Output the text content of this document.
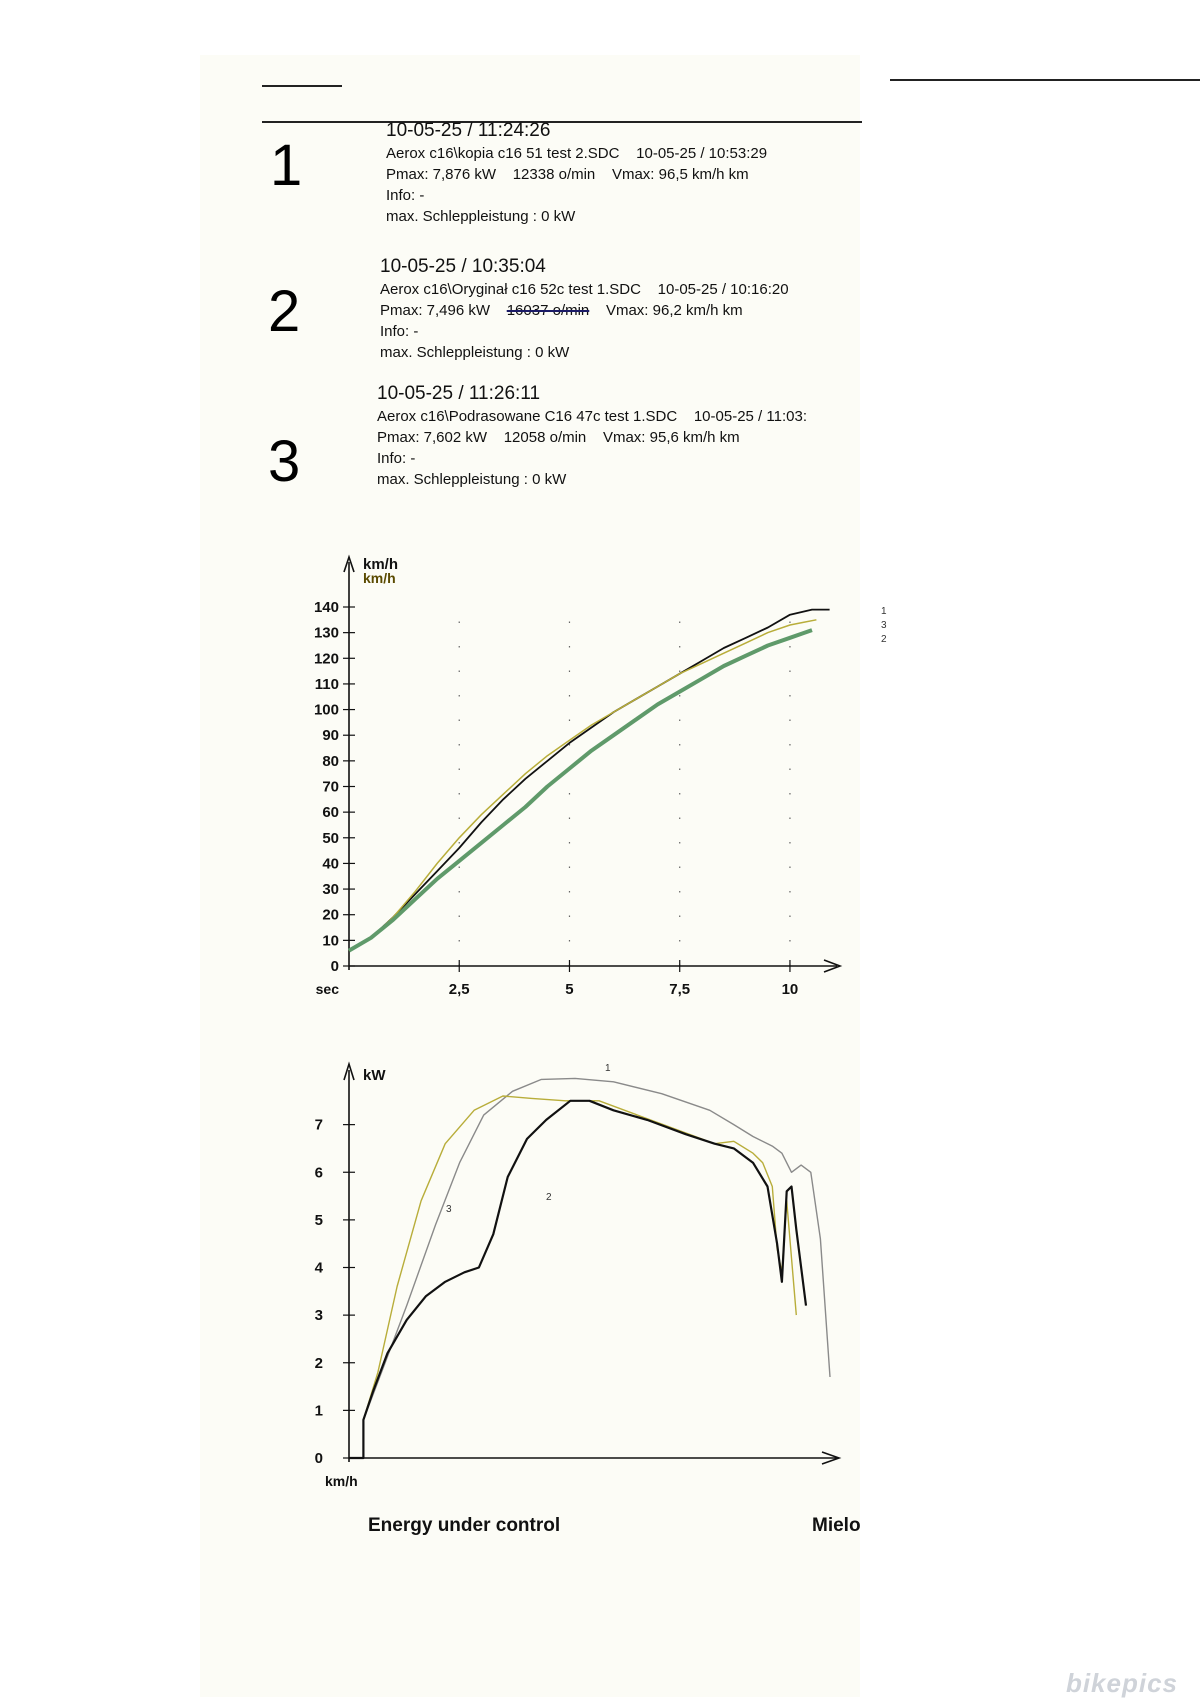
1
10-05-25 / 11:24:26
Aerox c16\kopia c16 51 test 2.SDC 10-05-25 / 10:53:29
Pmax: 7,876 kW 12338 o/min Vmax: 96,5 km/h km
Info: -
max. Schleppleistung : 0 kW
2
10-05-25 / 10:35:04
Aerox c16\Oryginał c16 52c test 1.SDC 10-05-25 / 10:16:20
Pmax: 7,496 kW 16037 o/min Vmax: 96,2 km/h km
Info: -
max. Schleppleistung : 0 kW
3
10-05-25 / 11:26:11
Aerox c16\Podrasowane C16 47c test 1.SDC 10-05-25 / 11:03:
Pmax: 7,602 kW 12058 o/min Vmax: 95,6 km/h km
Info: -
max. Schleppleistung : 0 kW
0
10
20
30
40
50
60
70
80
90
100
110
120
130
140
2,5	5	7,5	10
sec
km/h
km/h
1
3
2
0
1
2
3
4
5
6
7
km/h
kW	1
3
2
Energy under control	Mielo
bikepics
